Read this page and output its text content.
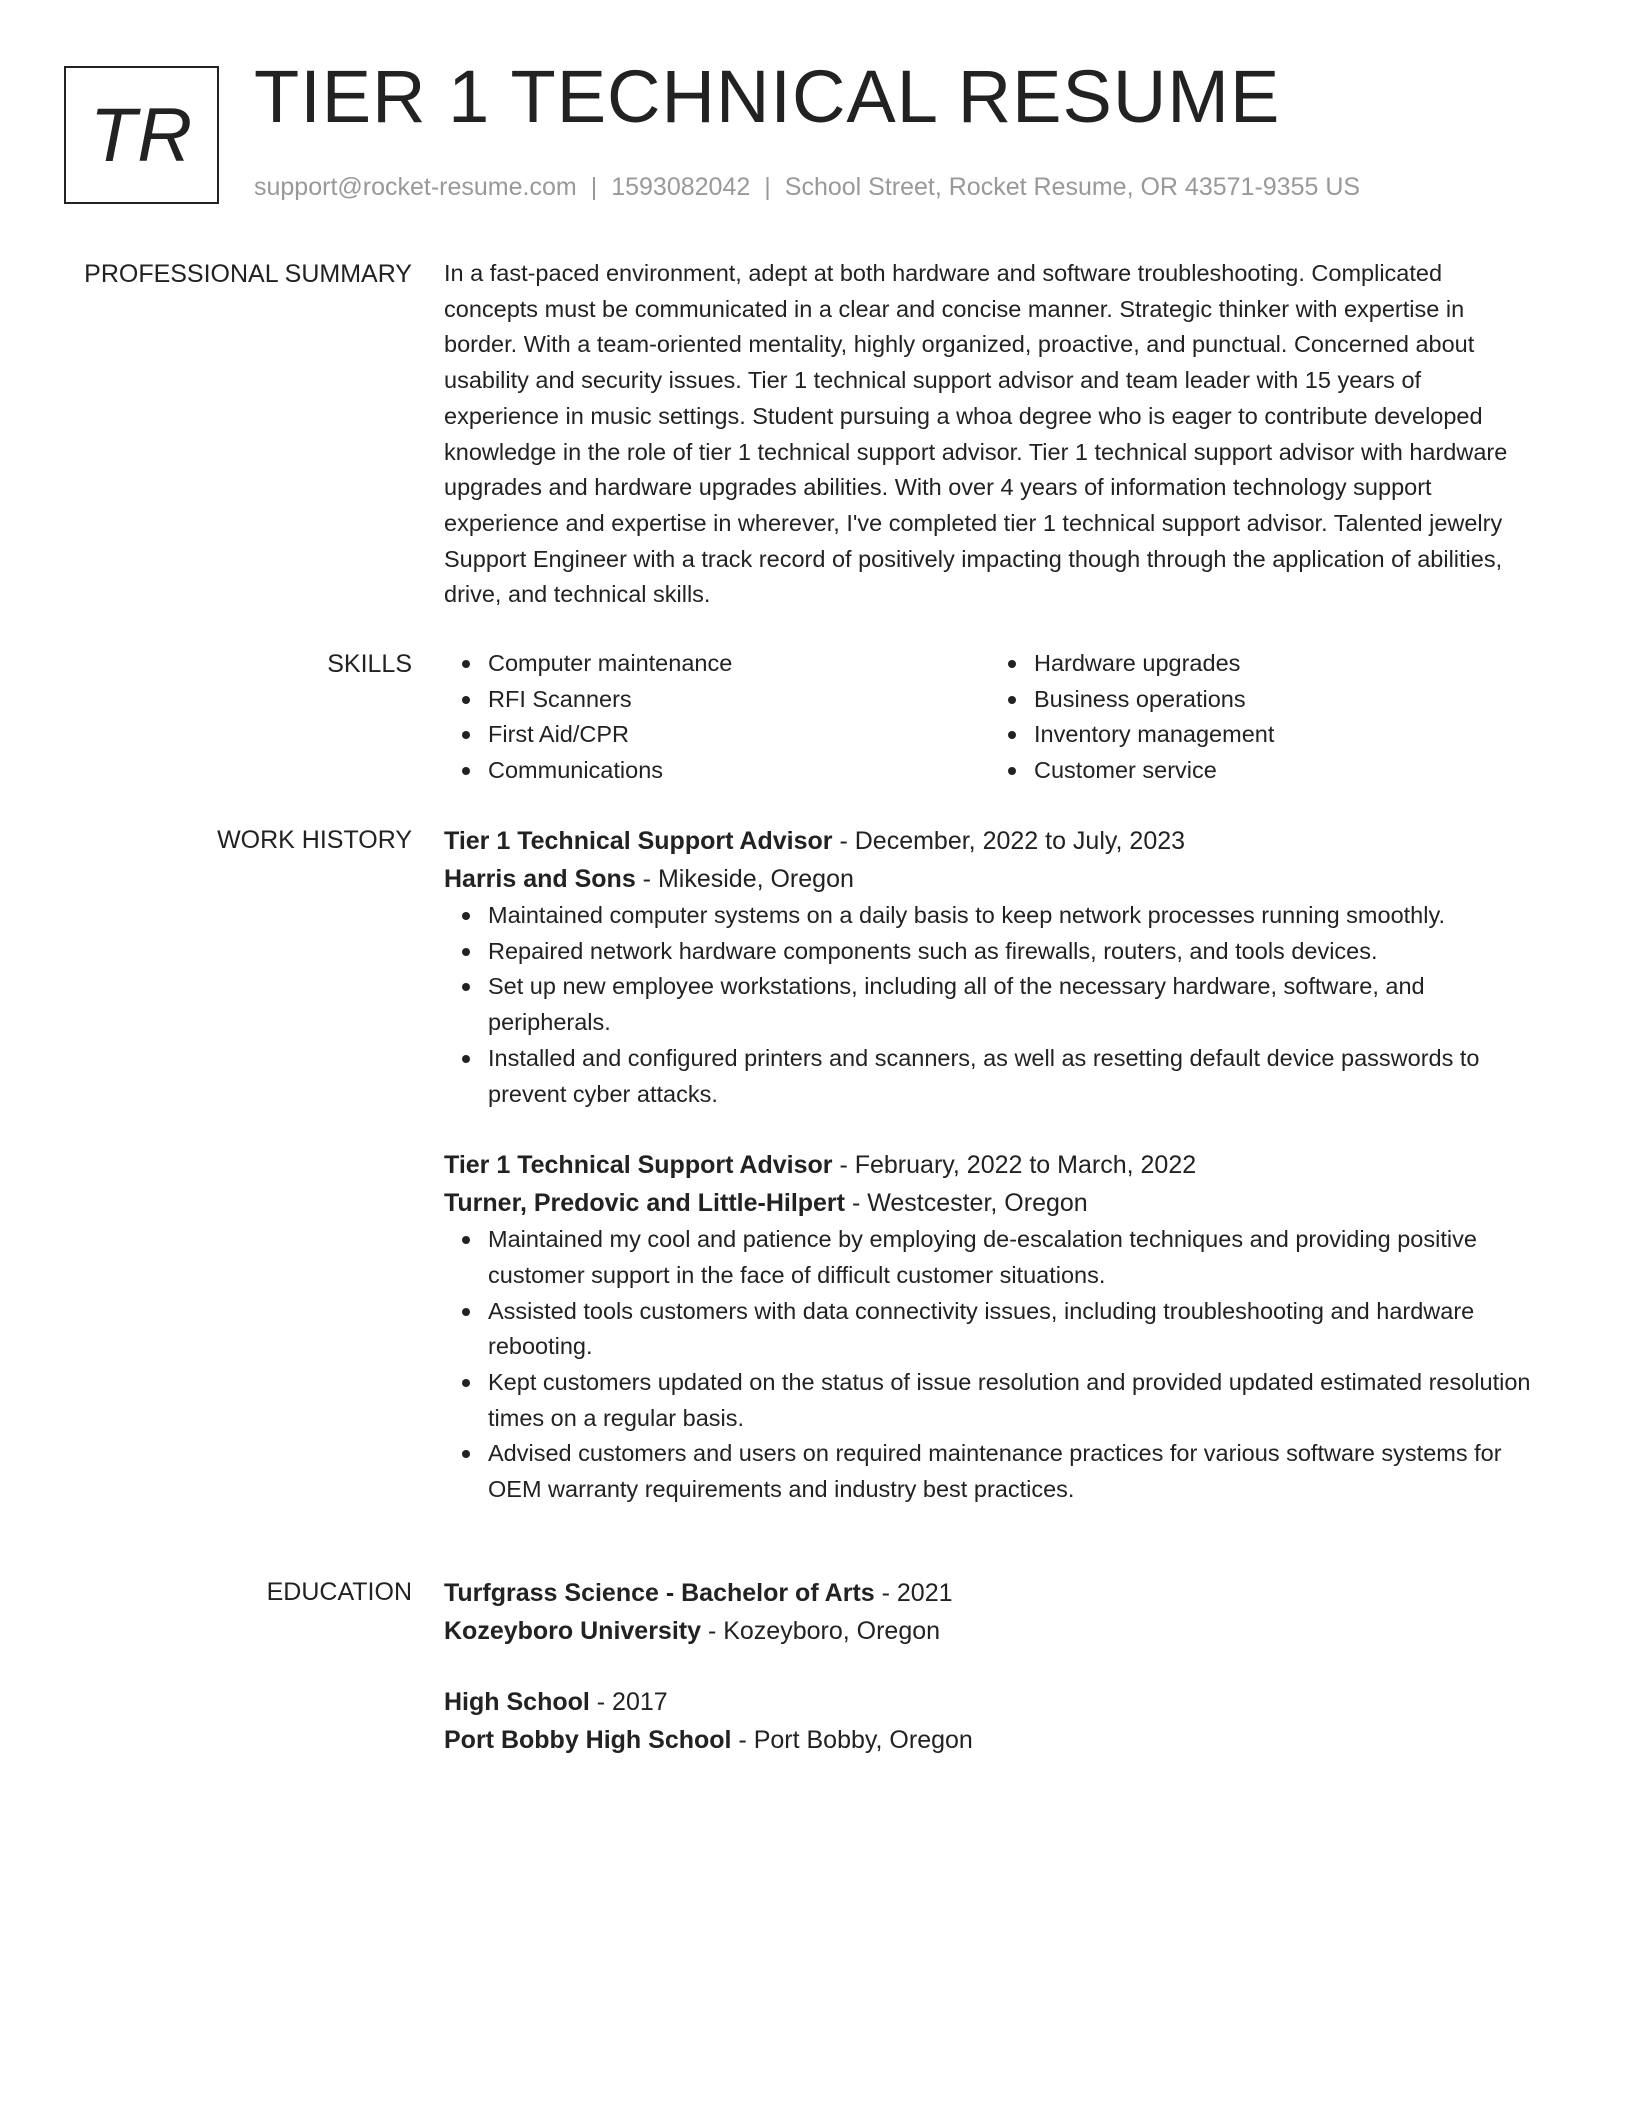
TR TIER 1 TECHNICAL RESUME
support@rocket-resume.com | 1593082042 | School Street, Rocket Resume, OR 43571-9355 US
PROFESSIONAL SUMMARY In a fast-paced environment, adept at both hardware and software troubleshooting. Complicated concepts must be communicated in a clear and concise manner. Strategic thinker with expertise in border. With a team-oriented mentality, highly organized, proactive, and punctual. Concerned about usability and security issues. Tier 1 technical support advisor and team leader with 15 years of experience in music settings. Student pursuing a whoa degree who is eager to contribute developed knowledge in the role of tier 1 technical support advisor. Tier 1 technical support advisor with hardware upgrades and hardware upgrades abilities. With over 4 years of information technology support experience and expertise in wherever, I've completed tier 1 technical support advisor. Talented jewelry Support Engineer with a track record of positively impacting though through the application of abilities, drive, and technical skills.

SKILLS	Computer maintenance
RFI Scanners
First Aid/CPR
Communications
Hardware upgrades
Business operations
Inventory management
Customer service
WORK HISTORY Tier 1 Technical Support Advisor - December, 2022 to July, 2023
Harris and Sons - Mikeside, Oregon
Maintained computer systems on a daily basis to keep network processes running smoothly.
Repaired network hardware components such as firewalls, routers, and tools devices.
Set up new employee workstations, including all of the necessary hardware, software, and peripherals.
Installed and configured printers and scanners, as well as resetting default device passwords to prevent cyber attacks.
Tier 1 Technical Support Advisor - February, 2022 to March, 2022
Turner, Predovic and Little-Hilpert - Westcester, Oregon
Maintained my cool and patience by employing de-escalation techniques and providing positive customer support in the face of difficult customer situations.
Assisted tools customers with data connectivity issues, including troubleshooting and hardware rebooting.
Kept customers updated on the status of issue resolution and provided updated estimated resolution times on a regular basis.
Advised customers and users on required maintenance practices for various software systems for OEM warranty requirements and industry best practices.
EDUCATION Turfgrass Science - Bachelor of Arts - 2021
Kozeyboro University - Kozeyboro, Oregon
High School - 2017
Port Bobby High School - Port Bobby, Oregon
